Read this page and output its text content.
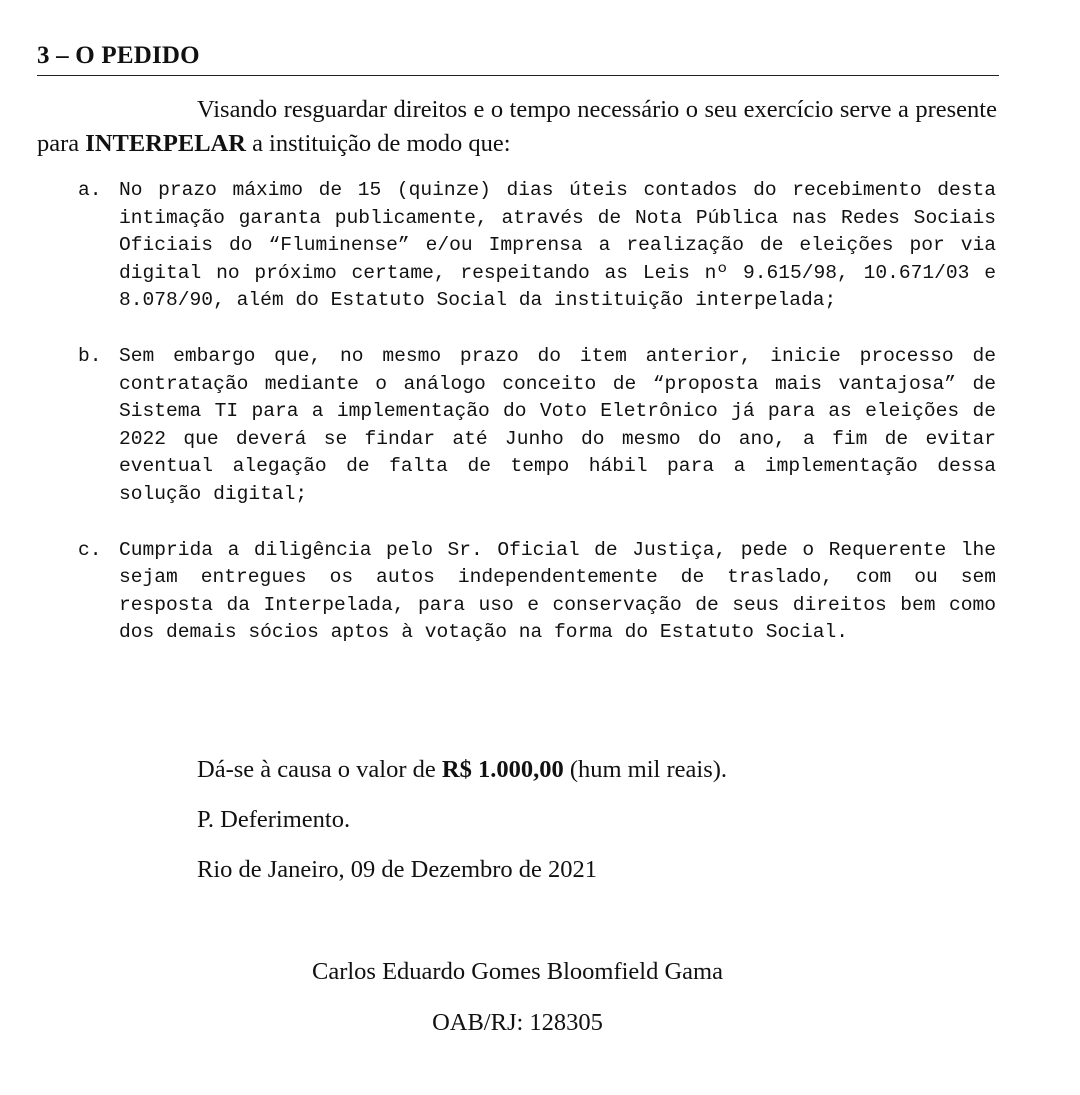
3 – O PEDIDO

Visando resguardar direitos e o tempo necessário o seu exercício serve a presente para INTERPELAR a instituição de modo que:

a. No prazo máximo de 15 (quinze) dias úteis contados do recebimento desta intimação garanta publicamente, através de Nota Pública nas Redes Sociais Oficiais do “Fluminense” e/ou Imprensa a realização de eleições por via digital no próximo certame, respeitando as Leis nº 9.615/98, 10.671/03 e 8.078/90, além do Estatuto Social da instituição interpelada;
b. Sem embargo que, no mesmo prazo do item anterior, inicie processo de contratação mediante o análogo conceito de “proposta mais vantajosa” de Sistema TI para a implementação do Voto Eletrônico já para as eleições de 2022 que deverá se findar até Junho do mesmo do ano, a fim de evitar eventual alegação de falta de tempo hábil para a implementação dessa solução digital;
c. Cumprida a diligência pelo Sr. Oficial de Justiça, pede o Requerente lhe sejam entregues os autos independentemente de traslado, com ou sem resposta da Interpelada, para uso e conservação de seus direitos bem como dos demais sócios aptos à votação na forma do Estatuto Social.

Dá-se à causa o valor de R$ 1.000,00 (hum mil reais).

P. Deferimento.

Rio de Janeiro, 09 de Dezembro de 2021

Carlos Eduardo Gomes Bloomfield Gama
OAB/RJ: 128305
